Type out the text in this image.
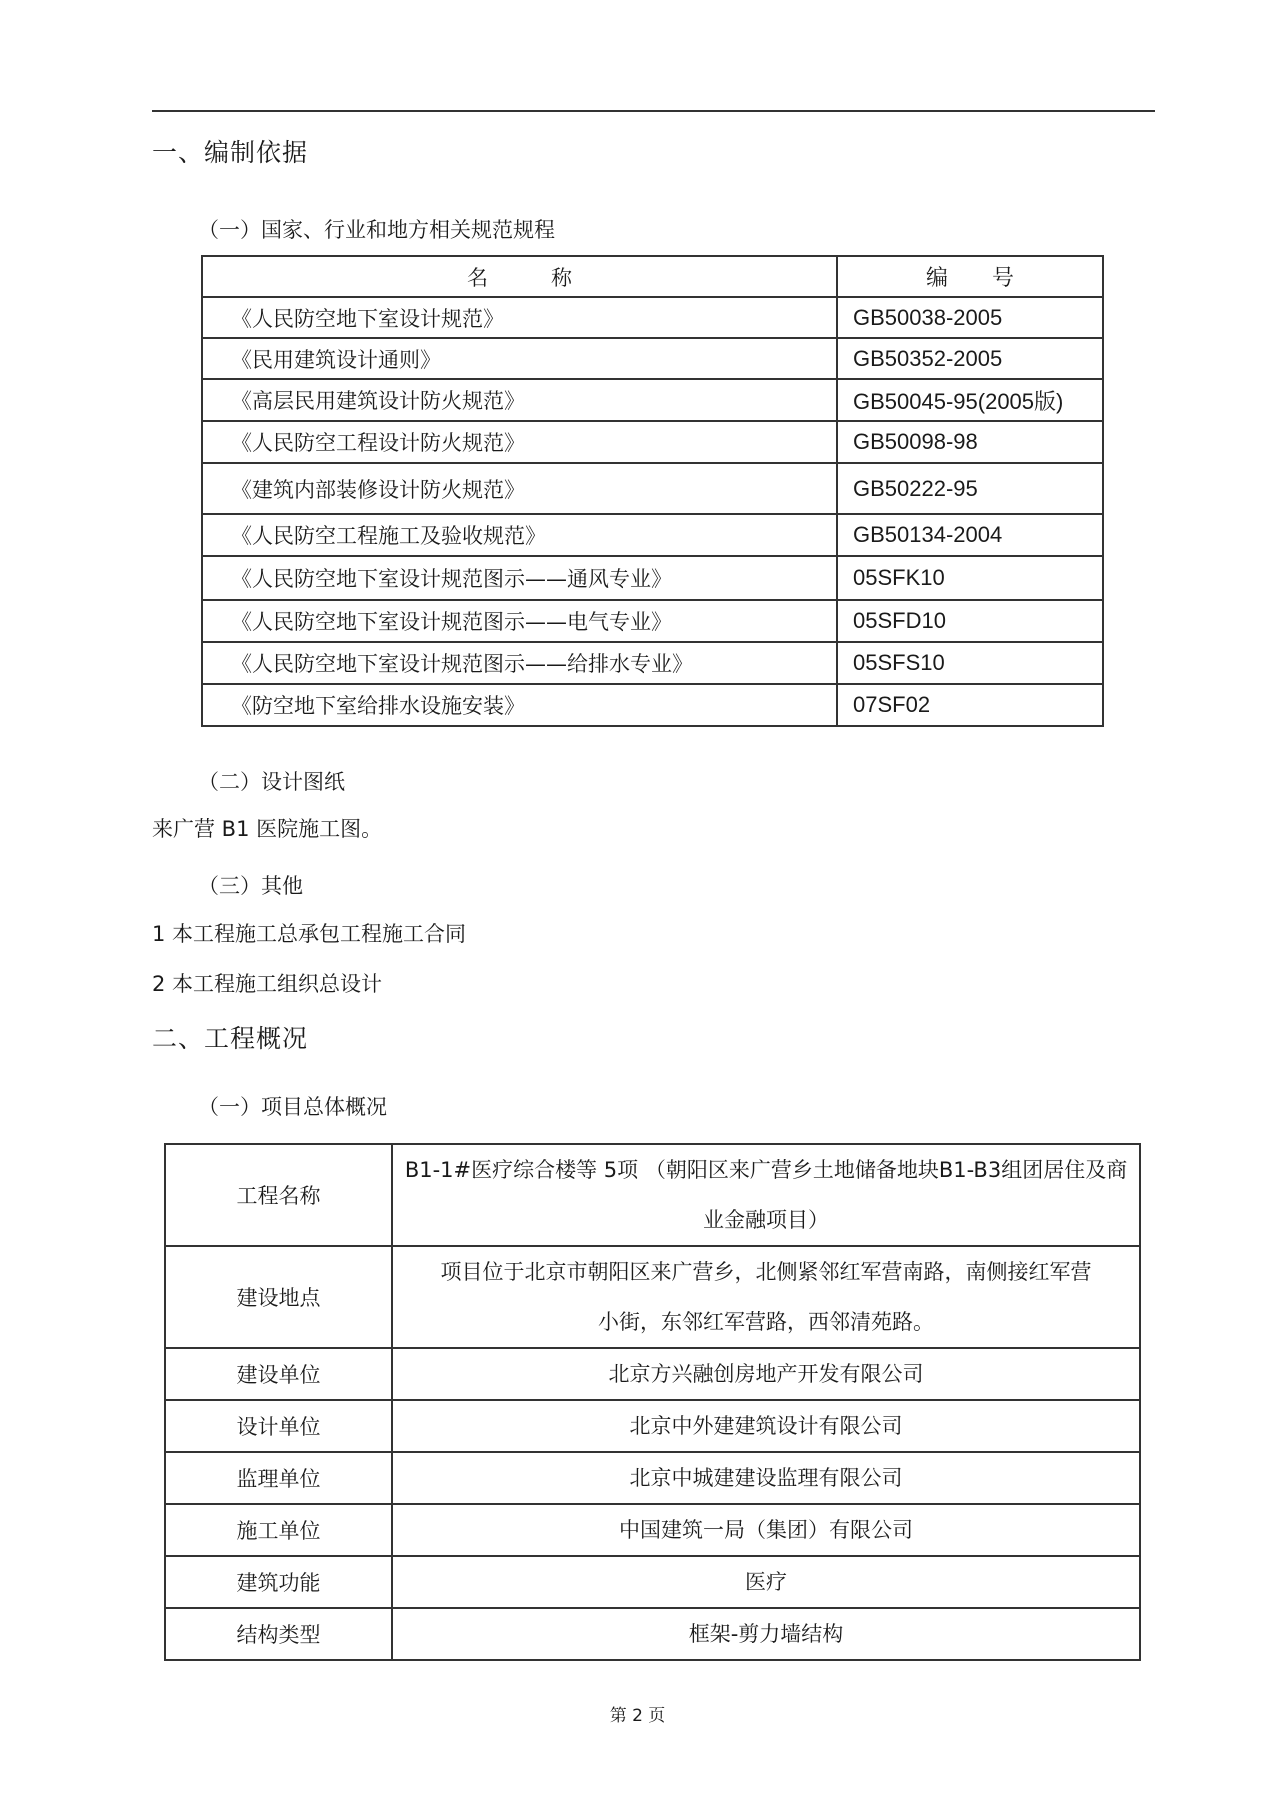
一、编制依据
（一）国家、行业和地方相关规范规程
名　　　称	编　　号
《人民防空地下室设计规范》	GB50038-2005
《民用建筑设计通则》	GB50352-2005
《高层民用建筑设计防火规范》	GB50045-95(2005版)
《人民防空工程设计防火规范》	GB50098-98
《建筑内部装修设计防火规范》	GB50222-95
《人民防空工程施工及验收规范》	GB50134-2004
《人民防空地下室设计规范图示——通风专业》	05SFK10
《人民防空地下室设计规范图示——电气专业》	05SFD10
《人民防空地下室设计规范图示——给排水专业》	05SFS10
《防空地下室给排水设施安装》	07SF02
（二）设计图纸
来广营 B1 医院施工图。
（三）其他
1 本工程施工总承包工程施工合同
2 本工程施工组织总设计
二、工程概况
（一）项目总体概况
工程名称	B1-1#医疗综合楼等 5项 （朝阳区来广营乡土地储备地块B1-B3组团居住及商业金融项目）
建设地点	项目位于北京市朝阳区来广营乡，北侧紧邻红军营南路，南侧接红军营小街，东邻红军营路，西邻清苑路。
建设单位	北京方兴融创房地产开发有限公司
设计单位	北京中外建建筑设计有限公司
监理单位	北京中城建建设监理有限公司
施工单位	中国建筑一局（集团）有限公司
建筑功能	医疗
结构类型	框架-剪力墙结构
第 2 页
